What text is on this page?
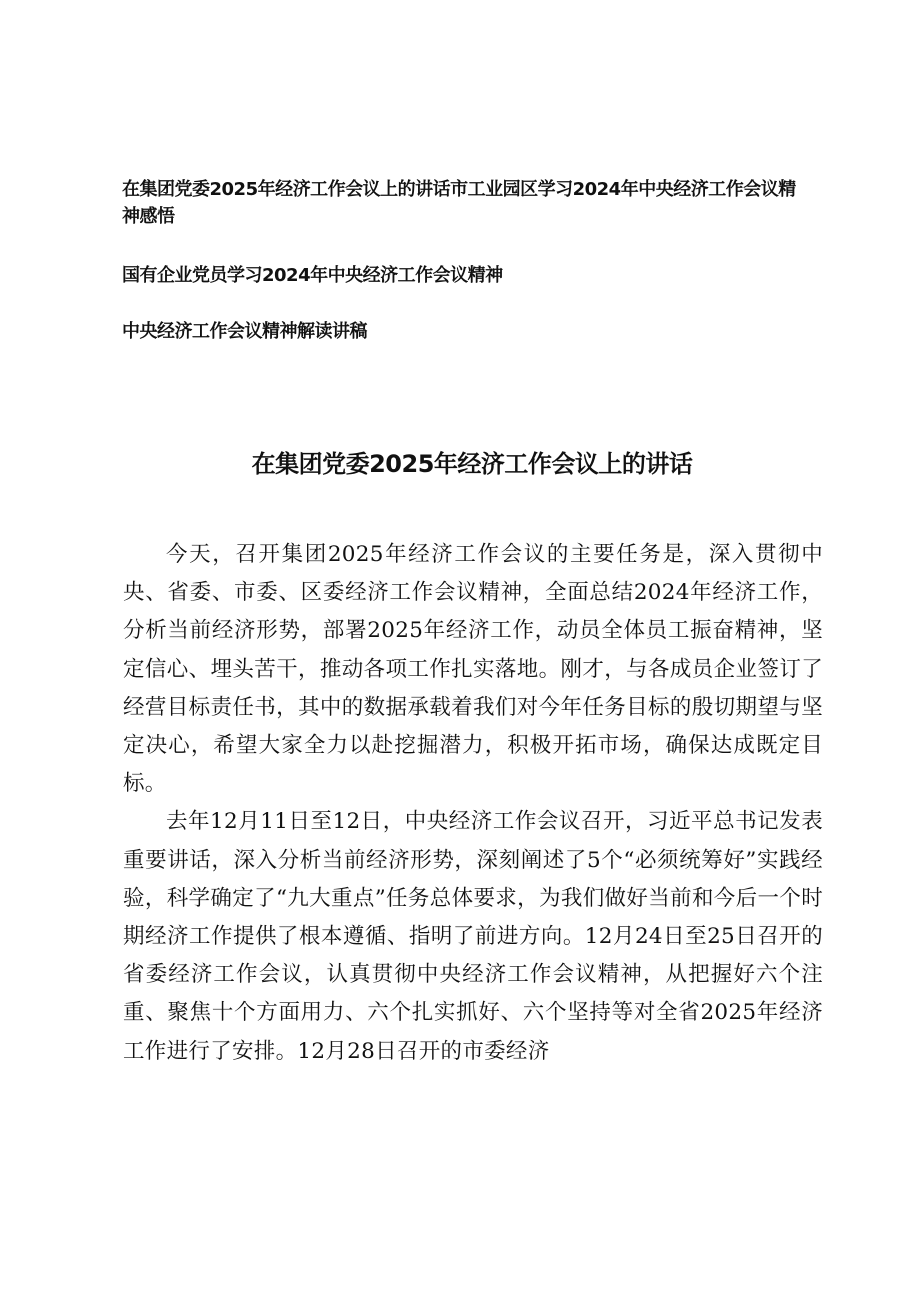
在集团党委2025年经济工作会议上的讲话市工业园区学习2024年中央经济工作会议精神感悟
国有企业党员学习2024年中央经济工作会议精神
中央经济工作会议精神解读讲稿
在集团党委2025年经济工作会议上的讲话

今天，召开集团2025年经济工作会议的主要任务是，深入贯彻中央、省委、市委、区委经济工作会议精神，全面总结2024年经济工作，分析当前经济形势，部署2025年经济工作，动员全体员工振奋精神，坚定信心、埋头苦干，推动各项工作扎实落地。刚才，与各成员企业签订了经营目标责任书，其中的数据承载着我们对今年任务目标的殷切期望与坚定决心，希望大家全力以赴挖掘潜力，积极开拓市场，确保达成既定目标。

去年12月11日至12日，中央经济工作会议召开，习近平总书记发表重要讲话，深入分析当前经济形势，深刻阐述了5个“必须统筹好”实践经验，科学确定了“九大重点”任务总体要求，为我们做好当前和今后一个时期经济工作提供了根本遵循、指明了前进方向。12月24日至25日召开的省委经济工作会议，认真贯彻中央经济工作会议精神，从把握好六个注重、聚焦十个方面用力、六个扎实抓好、六个坚持等对全省2025年经济工作进行了安排。12月28日召开的市委经济
